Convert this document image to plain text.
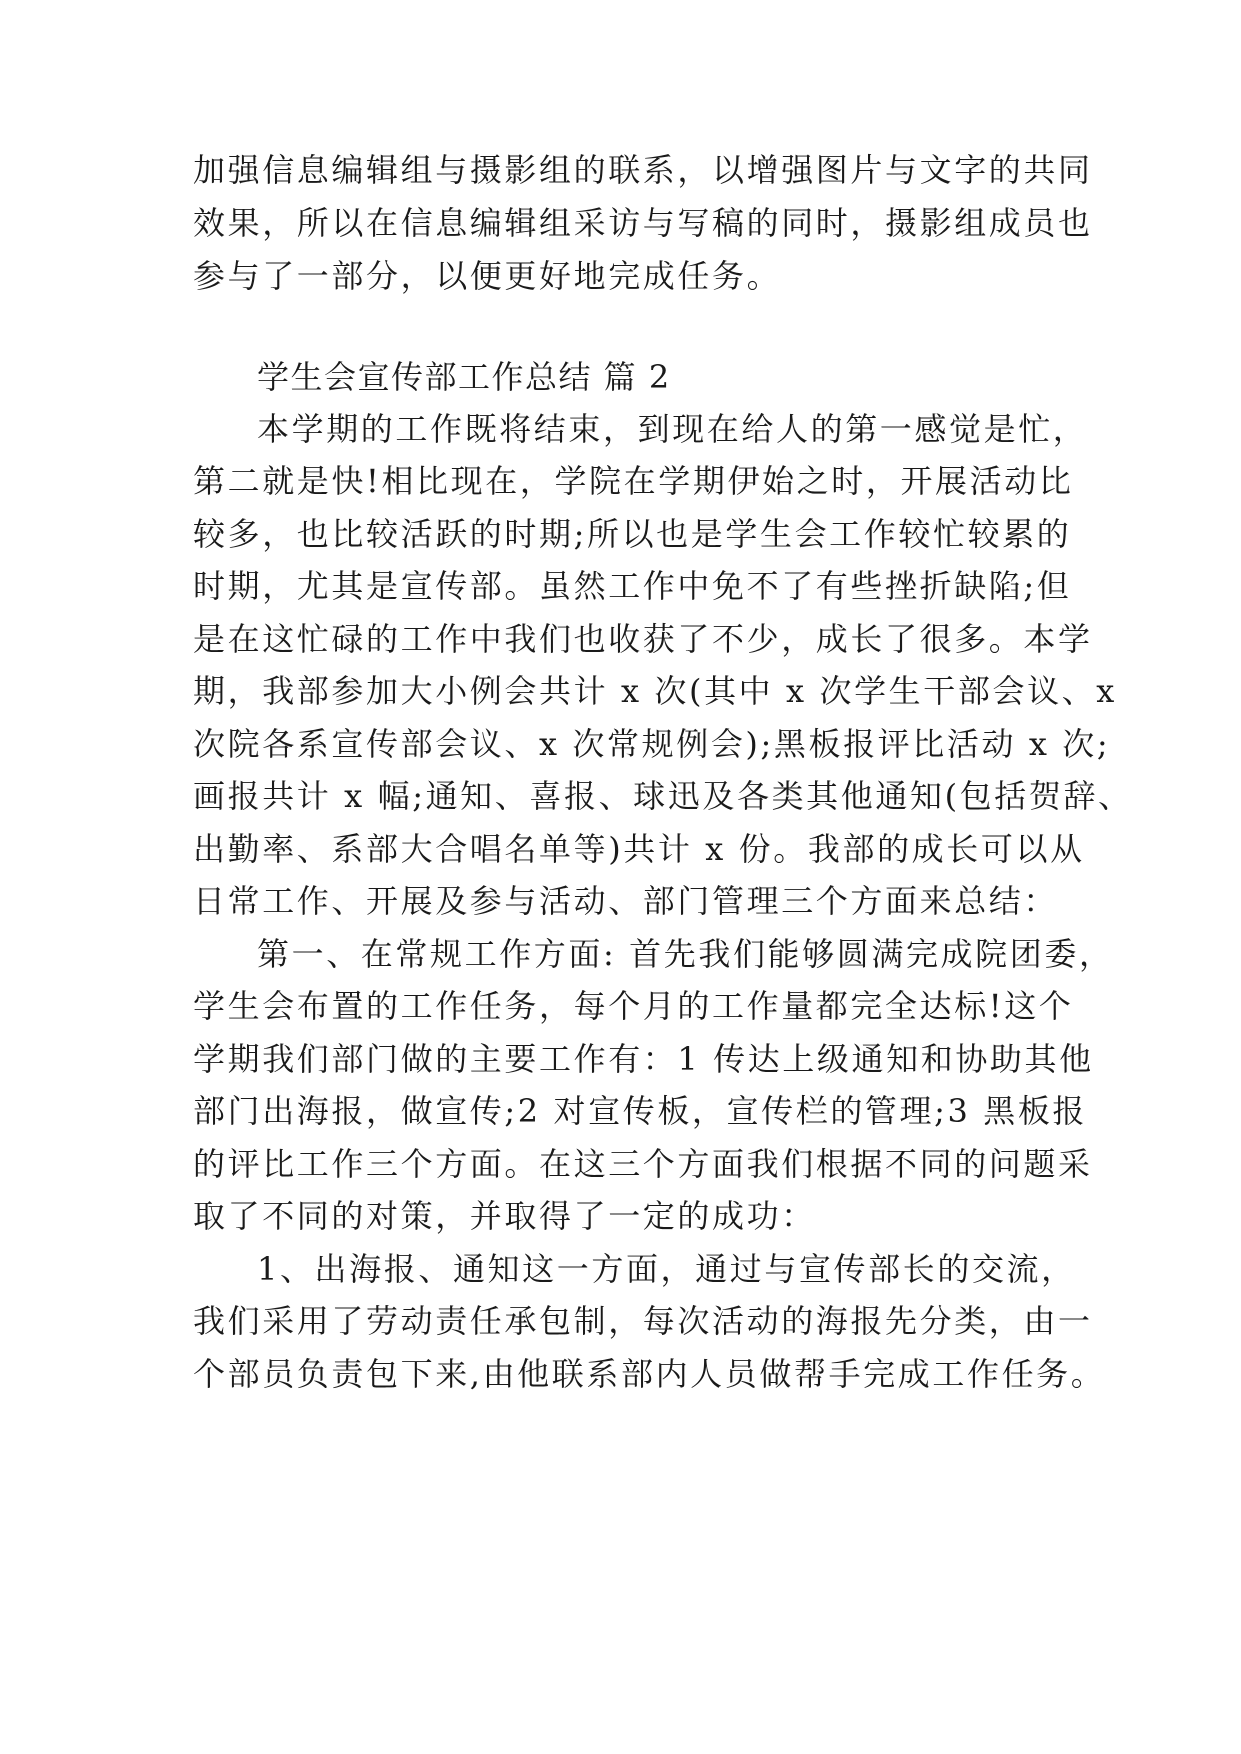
加强信息编辑组与摄影组的联系，以增强图片与文字的共同
效果，所以在信息编辑组采访与写稿的同时，摄影组成员也
参与了一部分，以便更好地完成任务。
学生会宣传部工作总结 篇 2
本学期的工作既将结束，到现在给人的第一感觉是忙，
第二就是快!相比现在，学院在学期伊始之时，开展活动比
较多，也比较活跃的时期;所以也是学生会工作较忙较累的
时期，尤其是宣传部。虽然工作中免不了有些挫折缺陷;但
是在这忙碌的工作中我们也收获了不少，成长了很多。本学
期，我部参加大小例会共计 x 次(其中 x 次学生干部会议、x
次院各系宣传部会议、x 次常规例会);黑板报评比活动 x 次;
画报共计 x 幅;通知、喜报、球迅及各类其他通知(包括贺辞、
出勤率、系部大合唱名单等)共计 x 份。我部的成长可以从
日常工作、开展及参与活动、部门管理三个方面来总结：
第一、在常规工作方面: 首先我们能够圆满完成院团委，
学生会布置的工作任务，每个月的工作量都完全达标!这个
学期我们部门做的主要工作有：1 传达上级通知和协助其他
部门出海报，做宣传;2 对宣传板，宣传栏的管理;3 黑板报
的评比工作三个方面。在这三个方面我们根据不同的问题采
取了不同的对策，并取得了一定的成功：
1、出海报、通知这一方面，通过与宣传部长的交流，
我们采用了劳动责任承包制，每次活动的海报先分类，由一
个部员负责包下来,由他联系部内人员做帮手完成工作任务。
